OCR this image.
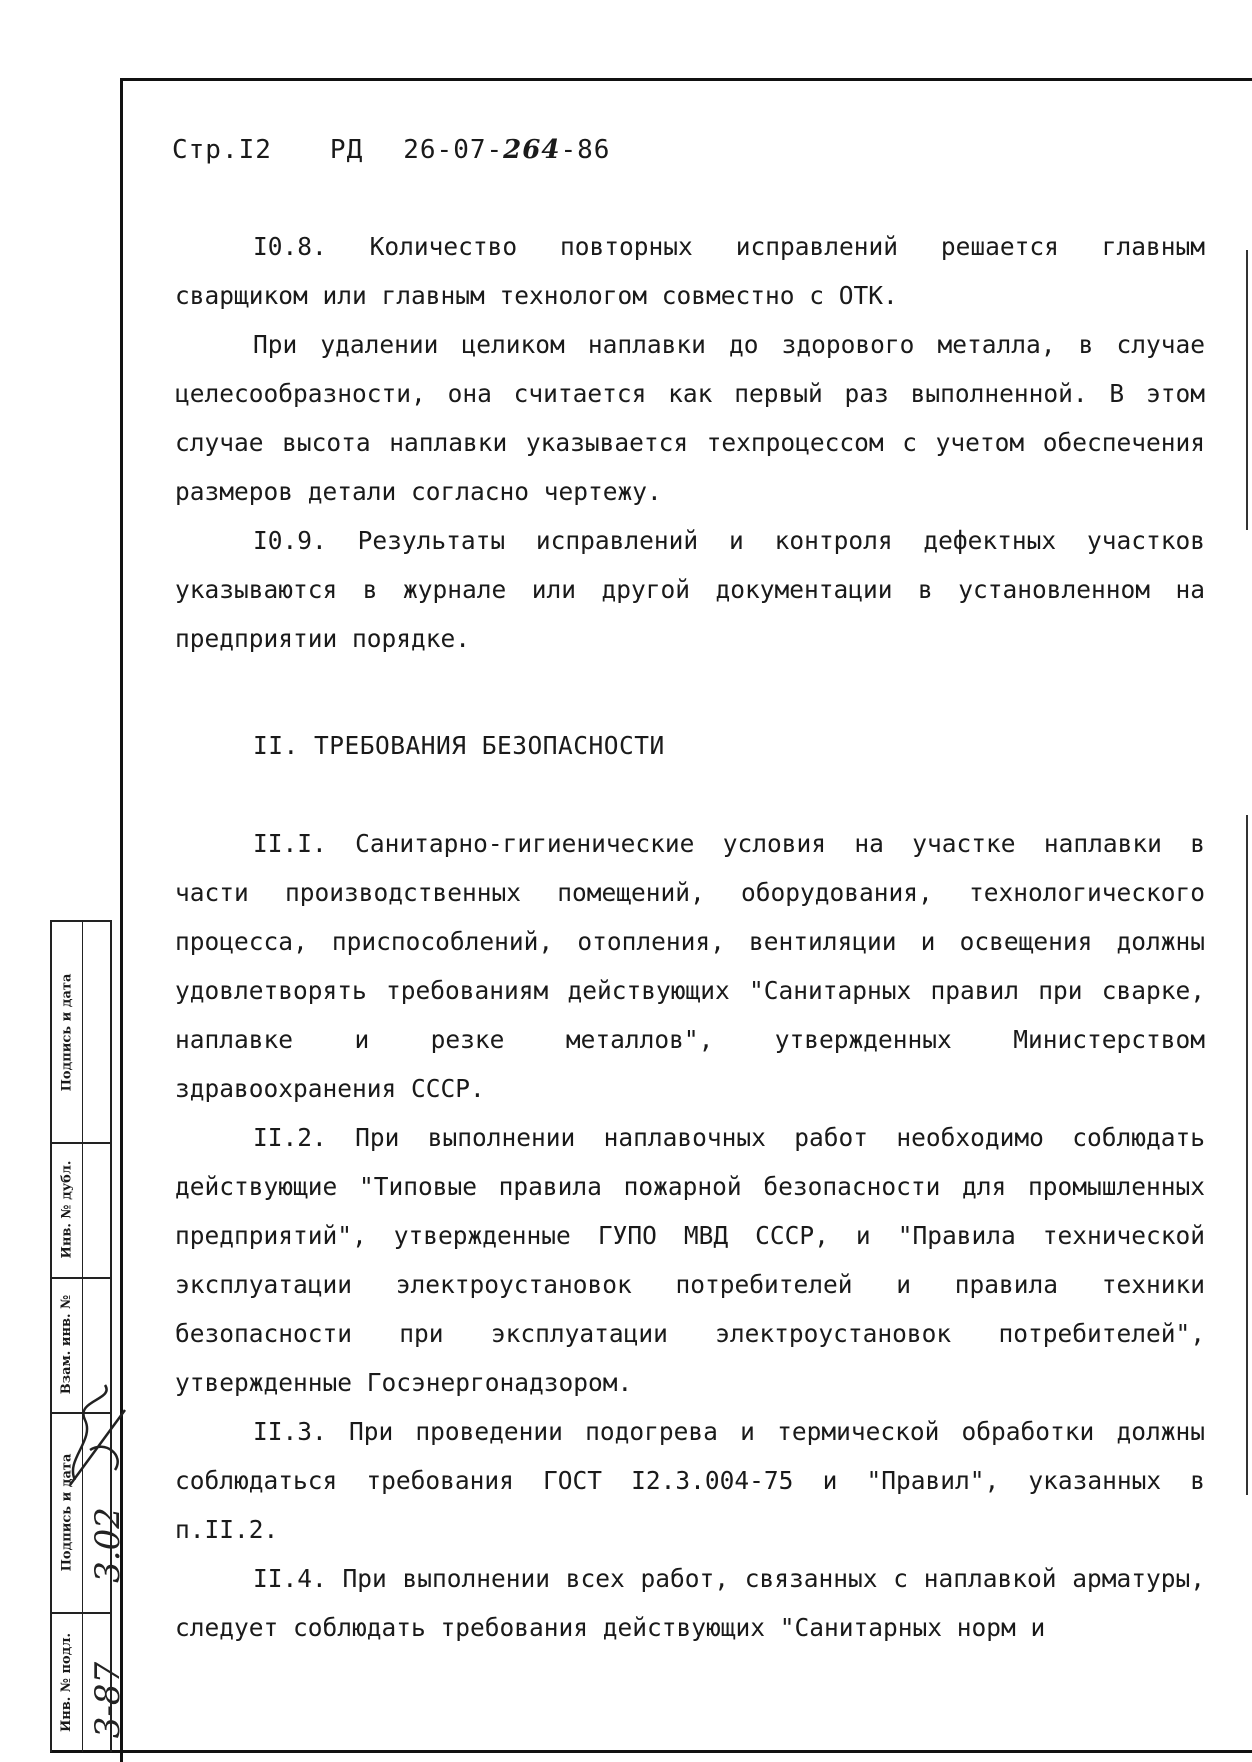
Стр.I2 РД 26-07-264-86

I0.8. Количество повторных исправлений решается главным сварщиком или главным технологом совместно с ОТК.

При удалении целиком наплавки до здорового металла, в случае целесообразности, она считается как первый раз выполненной. В этом случае высота наплавки указывается техпроцессом с учетом обеспечения размеров детали согласно чертежу.

I0.9. Результаты исправлений и контроля дефектных участков указываются в журнале или другой документации в установленном на предприятии порядке.

II. ТРЕБОВАНИЯ БЕЗОПАСНОСТИ

II.I. Санитарно-гигиенические условия на участке наплавки в части производственных помещений, оборудования, технологического процесса, приспособлений, отопления, вентиляции и освещения должны удовлетворять требованиям действующих "Санитарных правил при сварке, наплавке и резке металлов", утвержденных Министерством здравоохранения СССР.

II.2. При выполнении наплавочных работ необходимо соблюдать действующие "Типовые правила пожарной безопасности для промышленных предприятий", утвержденные ГУПО МВД СССР, и "Правила технической эксплуатации электроустановок потребителей и правила техники безопасности при эксплуатации электроустановок потребителей", утвержденные Госэнергонадзором.

II.3. При проведении подогрева и термической обработки должны соблюдаться требования ГОСТ I2.3.004-75 и "Правил", указанных в п.II.2.

II.4. При выполнении всех работ, связанных с наплавкой арматуры, следует соблюдать требования действующих "Санитарных норм и

Подпись и дата
Инв. № дубл.
Взам. инв. №
Подпись и дата
Инв. № подл.
3.02
3-87
